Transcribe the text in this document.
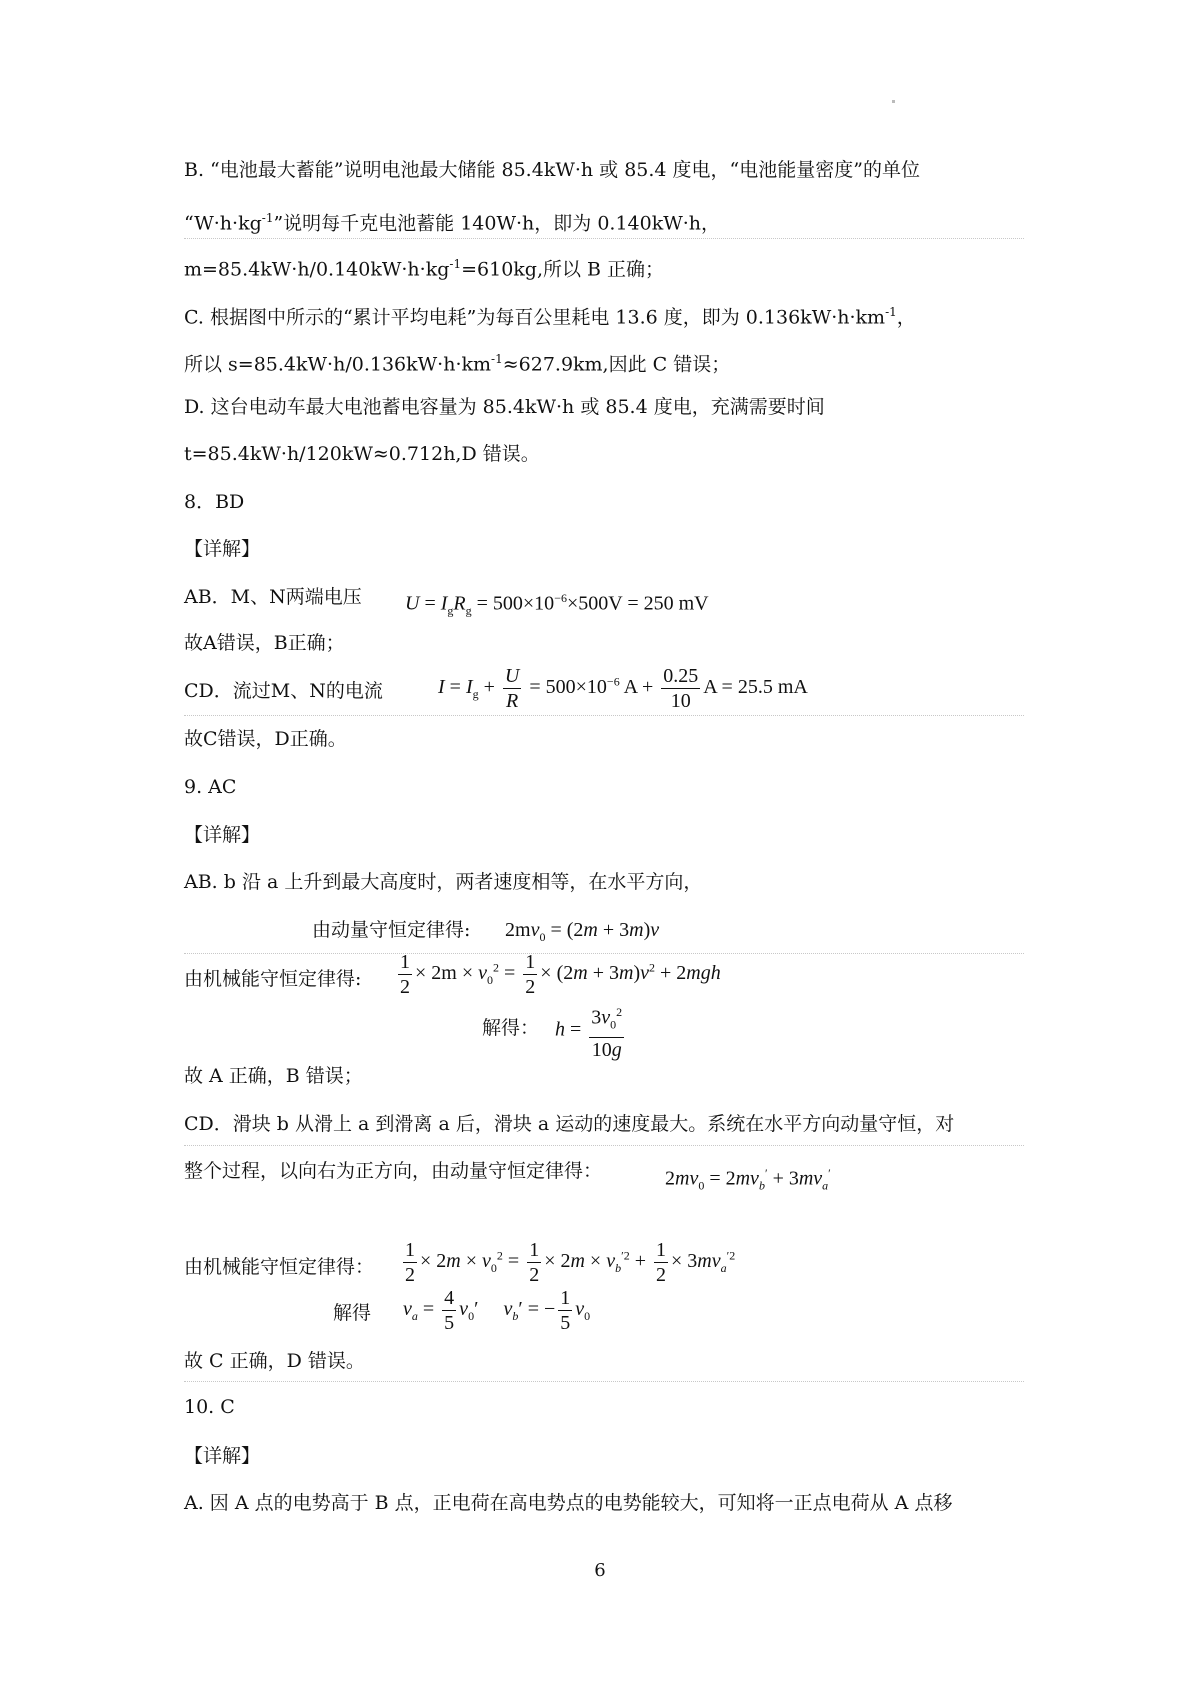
B. “电池最大蓄能”说明电池最大储能 85.4kW·h 或 85.4 度电，“电池能量密度”的单位
“$W\cdot h\cdot kg^{-1}$”说明每千克电池蓄能 140W·h，即为 0.140kW·h，
$m=85.4kW\cdot h/0.140kW\cdot h\cdot kg^{-1}=610kg$,所以 B 正确；
C. 根据图中所示的“累计平均电耗”为每百公里耗电 13.6 度，即为 $0.136kW\cdot h\cdot km^{-1}$，
所以 $s=85.4kW\cdot h/0.136kW\cdot h\cdot km^{-1}\approx 627.9km$,因此 C 错误；
D. 这台电动车最大电池蓄电容量为 85.4kW·h 或 85.4 度电，充满需要时间
t=85.4kW·h/120kW≈0.712h,D 错误。
8．BD
【详解】
AB．M、N两端电压 $U = I_gR_g = 500\times 10^{-6}\times 500V = 250$ mV
故A错误，B正确；
CD．流过M、N的电流	$I = I_g + \frac{U}{R} = 500\times 10^{-6}$ $A + \frac{0.25}{10}$ A = 25.5 mA
故C错误，D正确。
9. AC
【详解】
AB. b 沿 a 上升到最大高度时，两者速度相等，在水平方向，
由动量守恒定律得: $2mv_0 = (2m + 3m)v$
由机械能守恒定律得: $\frac{1}{2} \times 2m \times v_0^2 = \frac{1}{2} \times (2m + 3m)v^2 + 2mgh$
解得： $h = \frac{3v_0^2}{10g}$
故 A 正确，B 错误；
CD．滑块 b 从滑上 a 到滑离 a 后，滑块 a 运动的速度最大。系统在水平方向动量守恒，对
整个过程，以向右为正方向，由动量守恒定律得：	$2mv_0 = 2mv_b' + 3mv_a'$
由机械能守恒定律得： $\frac{1}{2} \times 2m \times v_0^2 = \frac{1}{2} \times 2m \times v_b^{'2} + \frac{1}{2} \times 3mv_a^{'2}$
解得 $v_a = \frac{4}{5} v_0'$     $v_b'$ = − $\frac{1}{5} v_0$
故 C 正确，D 错误。
10. C
【详解】
A. 因 A 点的电势高于 B 点，正电荷在高电势点的电势能较大，可知将一正点电荷从 A 点移
6
